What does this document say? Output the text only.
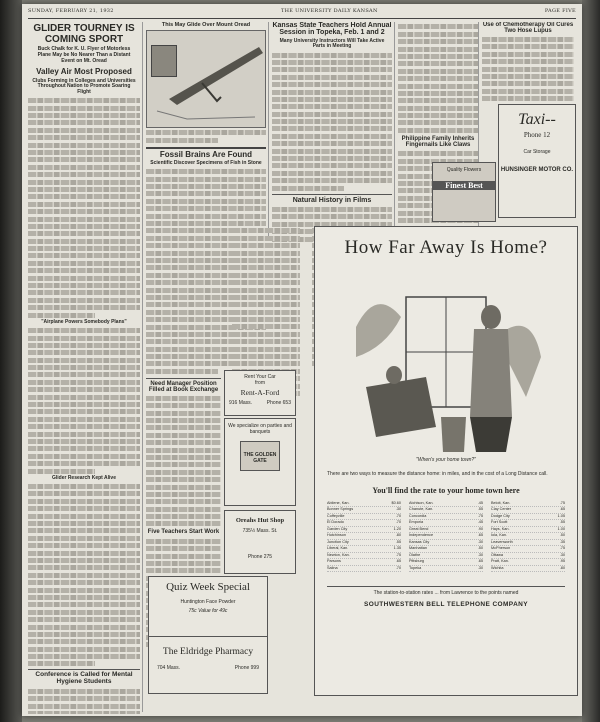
SUNDAY, FEBRUARY 21, 1932	THE UNIVERSITY DAILY KANSAN	PAGE FIVE
GLIDER TOURNEY IS COMING SPORT
Buck Chalk for K. U. Flyer of Motorless Plane May be No Nearer Than a Distant Event on Mt. Oread
Valley Air Most Proposed
Clubs Forming in Colleges and Universities Throughout Nation to Promote Soaring Flight
"Airplane Powers Somebody Plans"
Glider Research Kept Alive
Conference is Called for Mental Hygiene Students
This May Glide Over Mount Oread
Fossil Brains Are Found
Scientific Discover Specimens of Fish in Stone
Need Manager Position Filled at Book Exchange
Five Teachers Start Work
Quiz Week Special
Huntington Face Powder
75c Value for 49c
The Eldridge Pharmacy
704 Mass.	Phone 999
Kansas State Teachers Hold Annual Session in Topeka, Feb. 1 and 2
Many University Instructors Will Take Active Parts in Meeting
Natural History in Films
Rent Your Car
from
Rent-A-Ford
916 Mass.	Phone 653
We specialize on parties and banquets
THE GOLDEN GATE
Oreahs Hut Shop
735½ Mass. St.
Phone 275
Philippine Family Inherits Fingernails Like Claws
Use of Chemotherapy Oil Cures Two Hose Lupus
Taxi--
Phone 12
Car Storage
HUNSINGER MOTOR CO.
Quality Flowers
Finest Best
How Far Away Is Home?
"When's your home town?"
There are two ways to measure the distance home: in miles, and in the cost of a Long Distance call.
You'll find the rate to your home town here
Abilene, Kan.	$0.60 Atchison, Kan.	.45 Beloit, Kan.	.75
Bonner Springs	.30 Chanute, Kan.	.55 Clay Center	.65
Coffeyville	.70 Concordia	.75 Dodge City	1.05
El Dorado	.70 Emporia	.45 Fort Scott	.55
Garden City	1.20 Great Bend	.90 Hays, Kan.	1.00
Hutchinson	.80 Independence	.65 Iola, Kan.	.50
Junction City	.55 Kansas City	.30 Leavenworth	.35
Liberal, Kan.	1.35 Manhattan	.50 McPherson	.75
Newton, Kan.	.75 Olathe	.30 Ottawa	.30
Parsons	.65 Pittsburg	.65 Pratt, Kan.	.95
Salina	.70 Topeka	.30 Wichita	.80
The station-to-station rates ... from Lawrence to the points named
SOUTHWESTERN BELL TELEPHONE COMPANY
